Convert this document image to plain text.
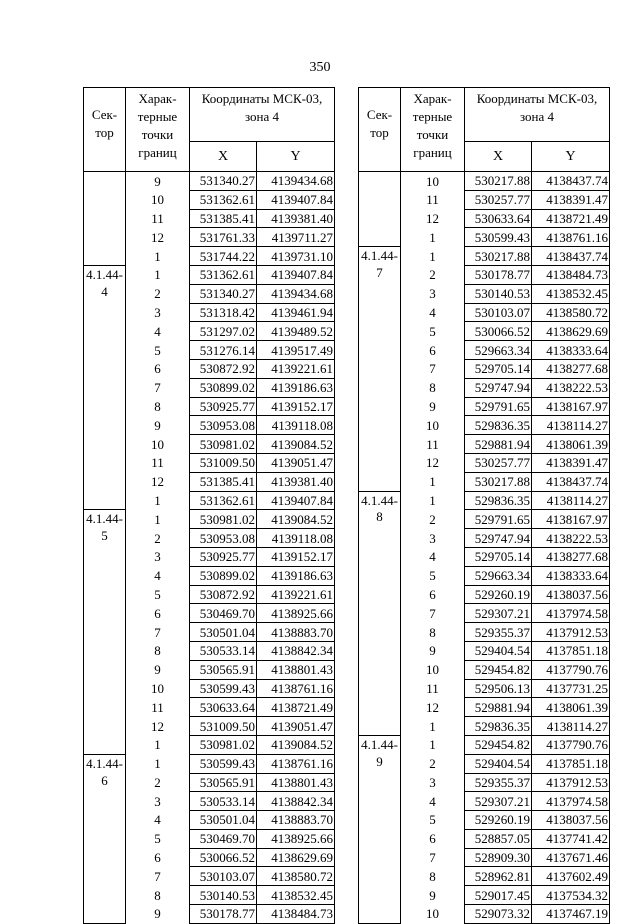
350
Сек- тор	Харак- терные точки границ	Координаты МСК-03, зона 4	
		X	Y
	9	531340.27	4139434.68
	10	531362.61	4139407.84
	11	531385.41	4139381.40
	12	531761.33	4139711.27
	1	531744.22	4139731.10
4.1.44- 4	1	531362.61	4139407.84
	2	531340.27	4139434.68
	3	531318.42	4139461.94
	4	531297.02	4139489.52
	5	531276.14	4139517.49
	6	530872.92	4139221.61
	7	530899.02	4139186.63
	8	530925.77	4139152.17
	9	530953.08	4139118.08
	10	530981.02	4139084.52
	11	531009.50	4139051.47
	12	531385.41	4139381.40
	1	531362.61	4139407.84
4.1.44- 5	1	530981.02	4139084.52
	2	530953.08	4139118.08
	3	530925.77	4139152.17
	4	530899.02	4139186.63
	5	530872.92	4139221.61
	6	530469.70	4138925.66
	7	530501.04	4138883.70
	8	530533.14	4138842.34
	9	530565.91	4138801.43
	10	530599.43	4138761.16
	11	530633.64	4138721.49
	12	531009.50	4139051.47
	1	530981.02	4139084.52
4.1.44- 6	1	530599.43	4138761.16
	2	530565.91	4138801.43
	3	530533.14	4138842.34
	4	530501.04	4138883.70
	5	530469.70	4138925.66
	6	530066.52	4138629.69
	7	530103.07	4138580.72
	8	530140.53	4138532.45
	9	530178.77	4138484.73
Сек- тор	Харак- терные точки границ	Координаты МСК-03, зона 4	
		X	Y
	10	530217.88	4138437.74
	11	530257.77	4138391.47
	12	530633.64	4138721.49
	1	530599.43	4138761.16
4.1.44- 7	1	530217.88	4138437.74
	2	530178.77	4138484.73
	3	530140.53	4138532.45
	4	530103.07	4138580.72
	5	530066.52	4138629.69
	6	529663.34	4138333.64
	7	529705.14	4138277.68
	8	529747.94	4138222.53
	9	529791.65	4138167.97
	10	529836.35	4138114.27
	11	529881.94	4138061.39
	12	530257.77	4138391.47
	1	530217.88	4138437.74
4.1.44- 8	1	529836.35	4138114.27
	2	529791.65	4138167.97
	3	529747.94	4138222.53
	4	529705.14	4138277.68
	5	529663.34	4138333.64
	6	529260.19	4138037.56
	7	529307.21	4137974.58
	8	529355.37	4137912.53
	9	529404.54	4137851.18
	10	529454.82	4137790.76
	11	529506.13	4137731.25
	12	529881.94	4138061.39
	1	529836.35	4138114.27
4.1.44- 9	1	529454.82	4137790.76
	2	529404.54	4137851.18
	3	529355.37	4137912.53
	4	529307.21	4137974.58
	5	529260.19	4138037.56
	6	528857.05	4137741.42
	7	528909.30	4137671.46
	8	528962.81	4137602.49
	9	529017.45	4137534.32
	10	529073.32	4137467.19
